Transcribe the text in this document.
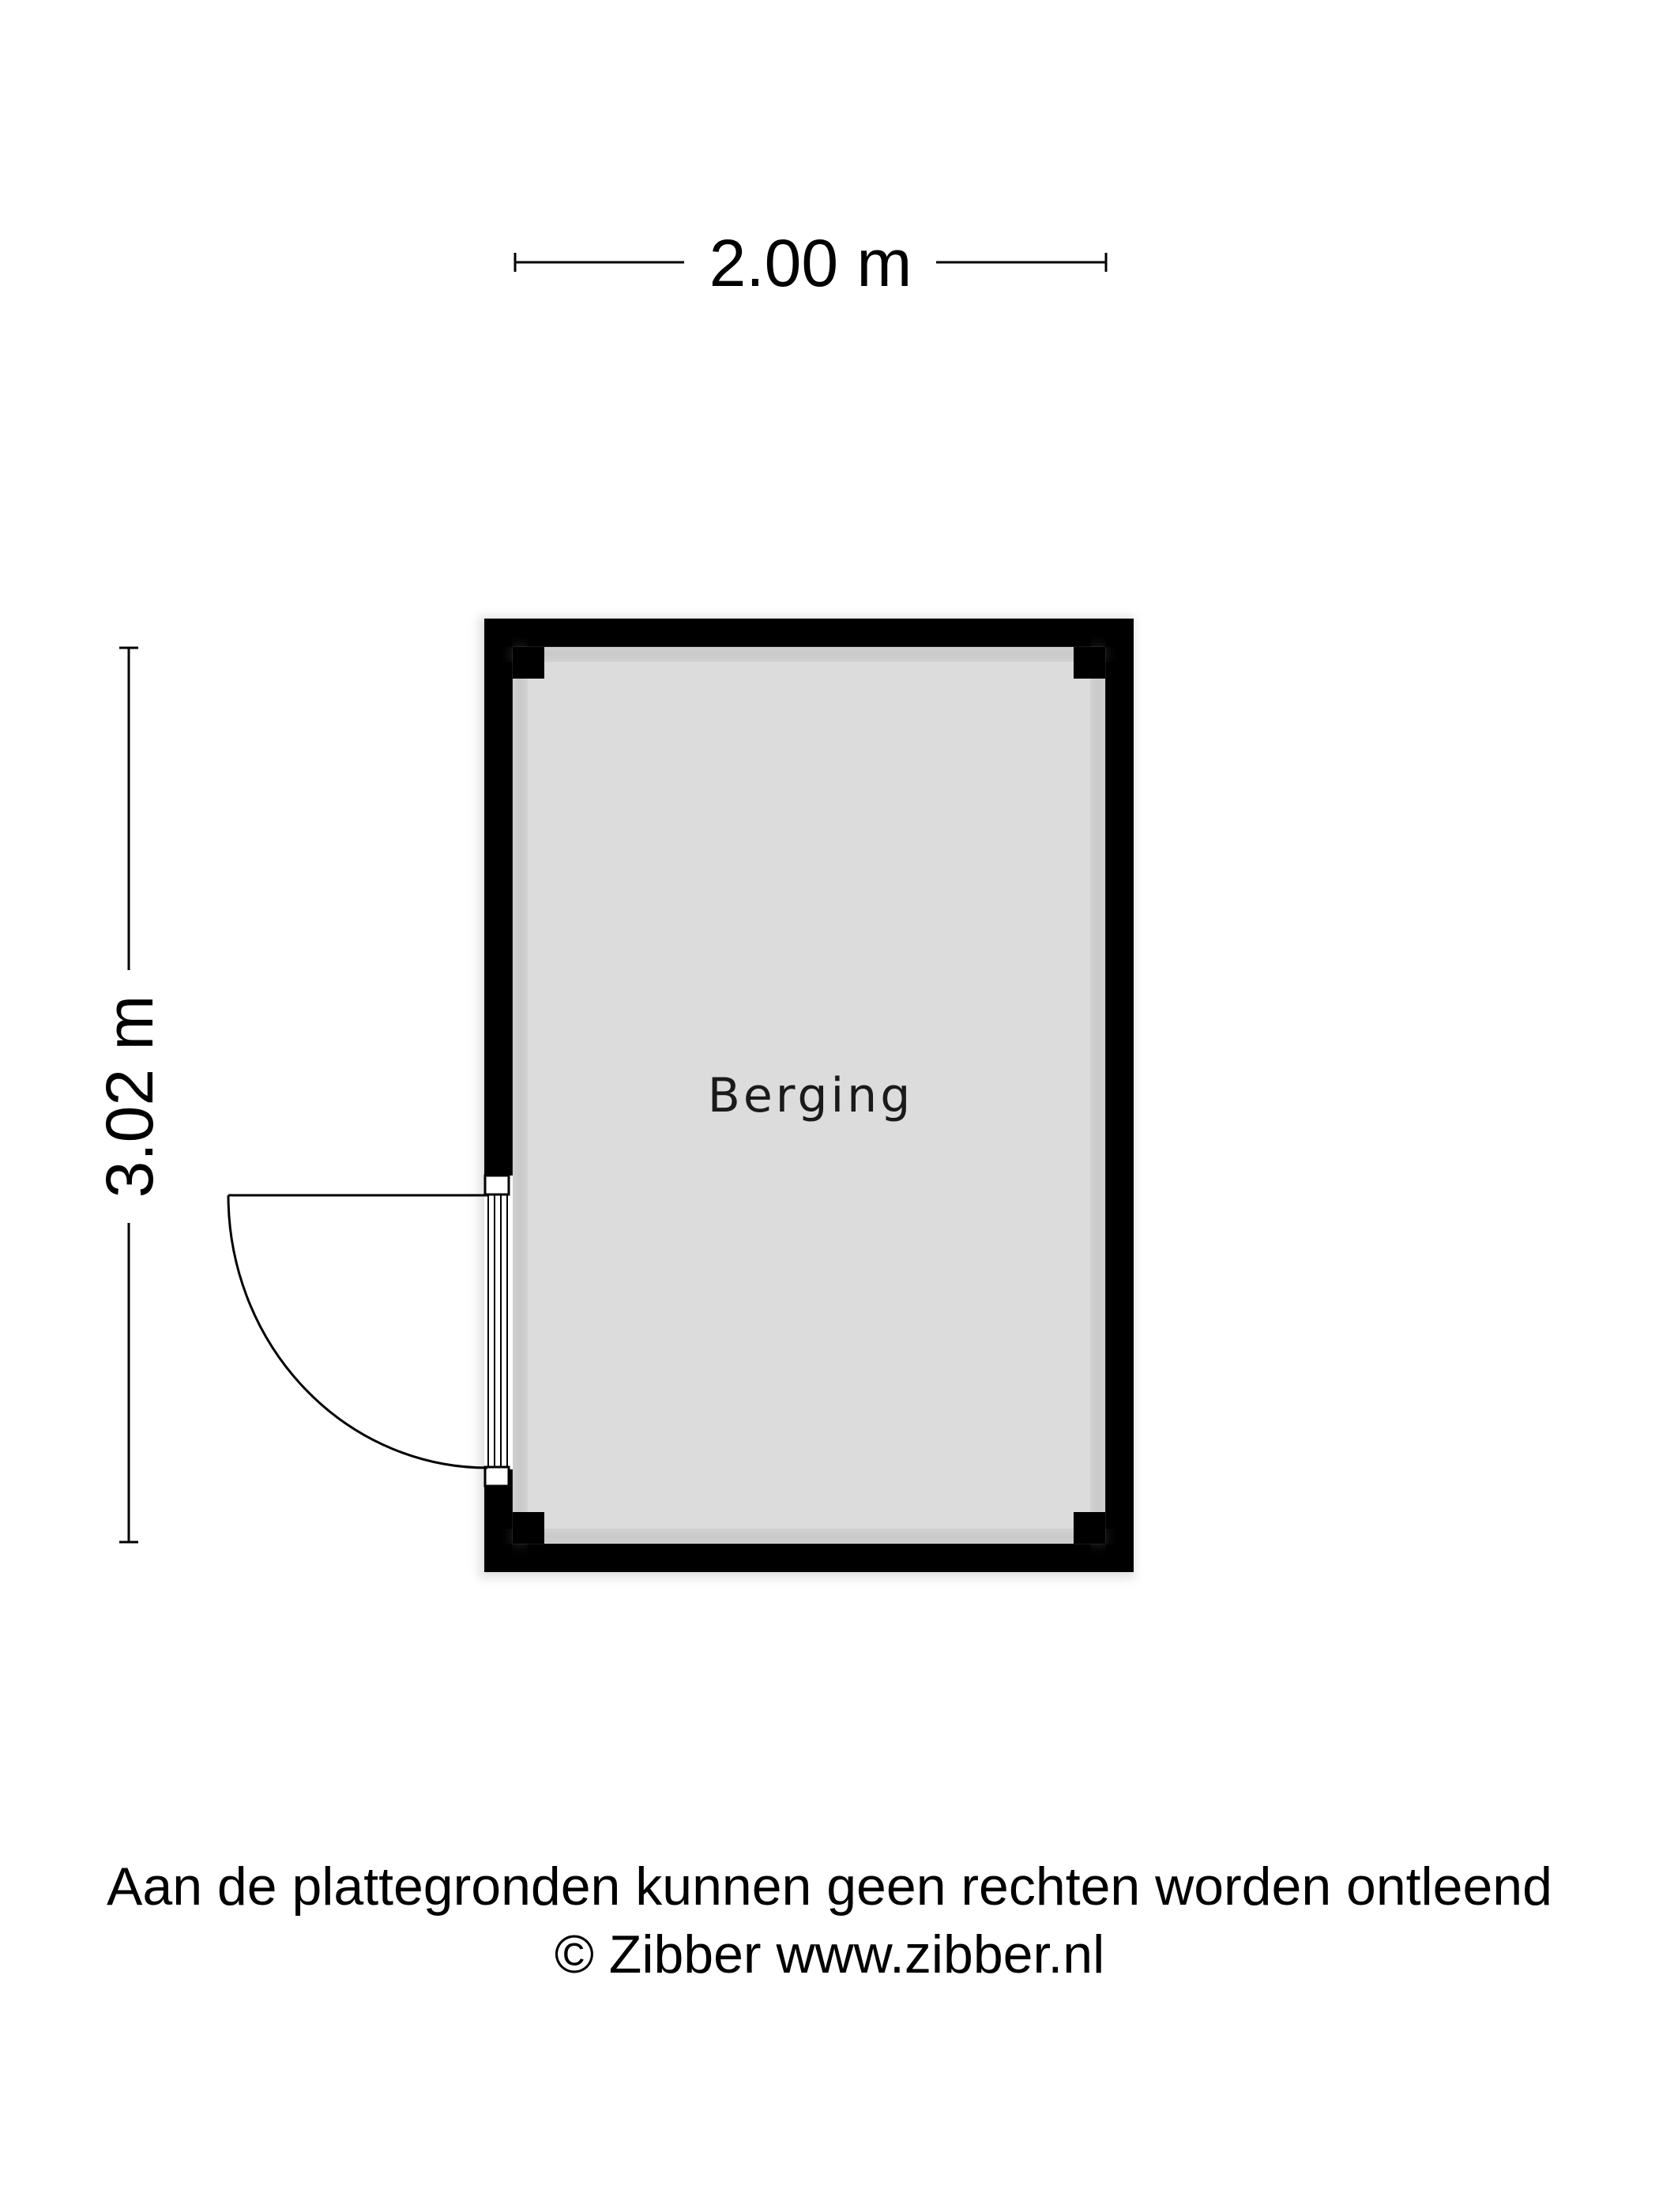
2.00 m
3.02 m	Berging
Aan de plattegronden kunnen geen rechten worden ontleend
© Zibber www.zibber.nl
